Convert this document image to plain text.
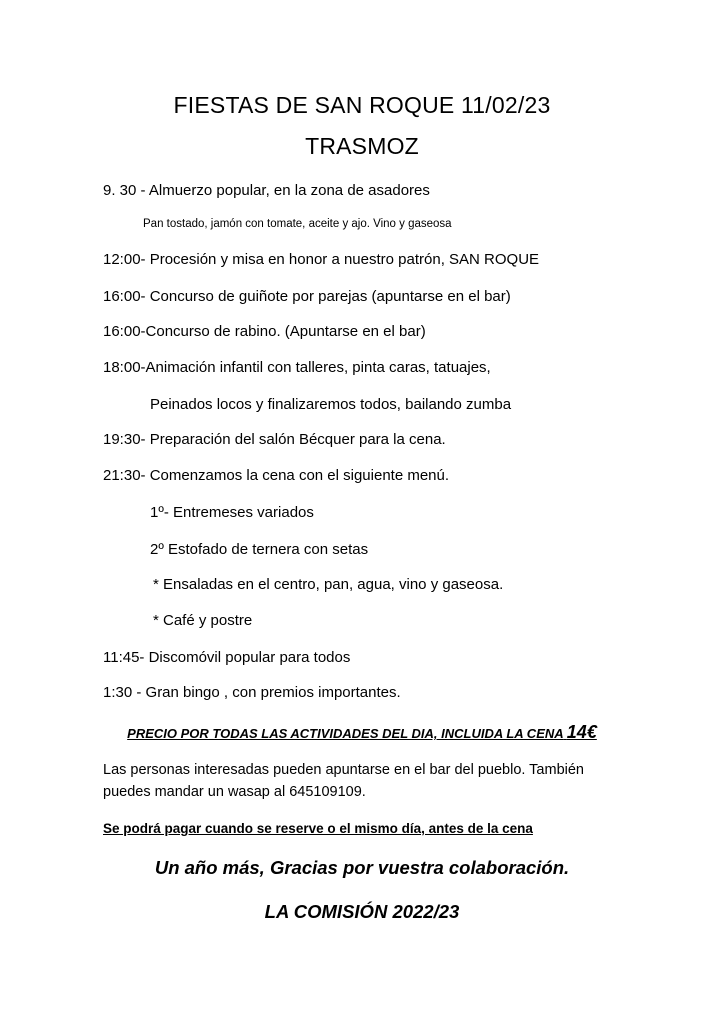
FIESTAS DE SAN ROQUE 11/02/23
TRASMOZ
9. 30 - Almuerzo popular, en la zona de asadores
Pan tostado, jamón con tomate, aceite y ajo. Vino y gaseosa
12:00- Procesión y misa en honor a nuestro patrón, SAN ROQUE
16:00- Concurso de guiñote por parejas (apuntarse en el bar)
16:00-Concurso de rabino. (Apuntarse en el bar)
18:00-Animación infantil con talleres, pinta caras, tatuajes,
Peinados locos y finalizaremos todos, bailando zumba
19:30- Preparación del salón Bécquer para la cena.
21:30- Comenzamos la cena con el siguiente menú.
1º- Entremeses variados
2º Estofado de ternera con setas
* Ensaladas en el centro, pan, agua, vino y gaseosa.
* Café y postre
11:45- Discomóvil popular para todos
1:30 - Gran bingo , con premios importantes.
PRECIO POR TODAS LAS ACTIVIDADES DEL DIA, INCLUIDA LA CENA 14€
Las personas interesadas pueden apuntarse en el bar del pueblo. También
puedes mandar un wasap al 645109109.
Se podrá pagar cuando se reserve o el mismo día, antes de la cena
Un año más, Gracias por vuestra colaboración.
LA COMISIÓN 2022/23
